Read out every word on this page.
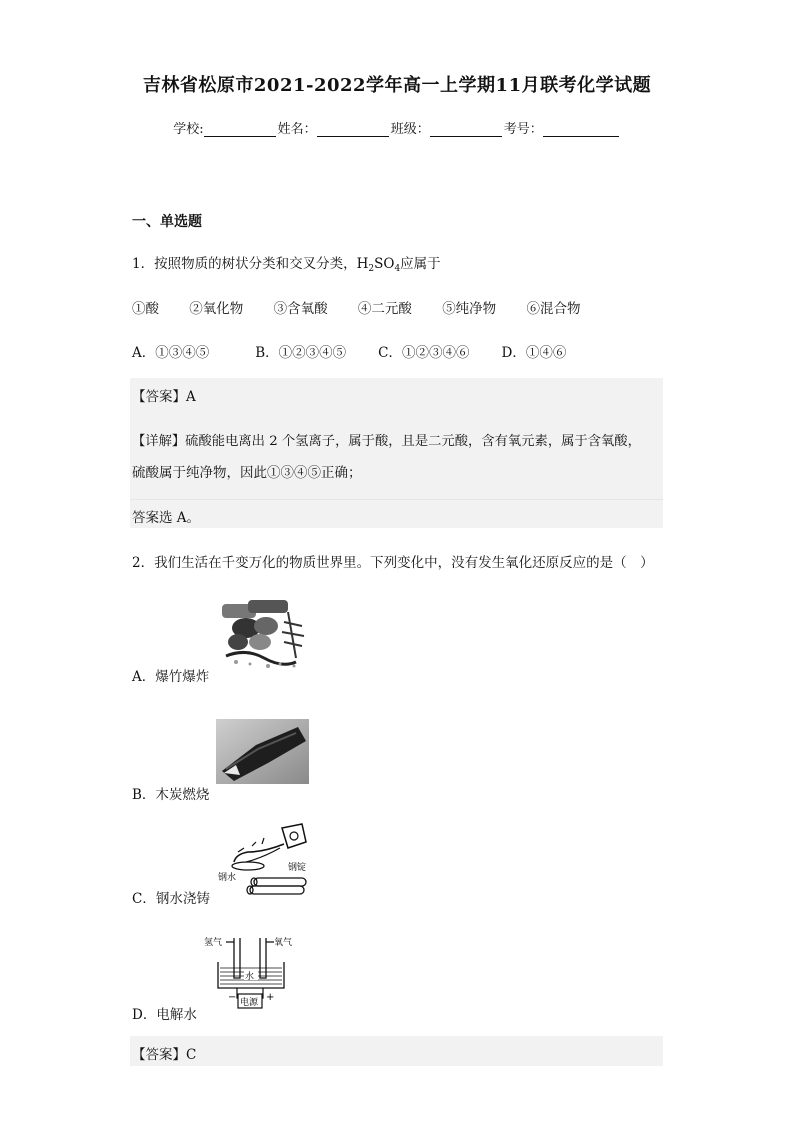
吉林省松原市2021-2022学年高一上学期11月联考化学试题
学校:	姓名：	班级：	考号：
一、单选题
1．按照物质的树状分类和交叉分类，$H_2SO_4$应属于
①酸 ②氧化物 ③含氧酸 ④二元酸 ⑤纯净物 ⑥混合物
A．①③④⑤	B．①②③④⑤ C．①②③④⑥ D．①④⑥
【答案】A
【详解】硫酸能电离出 2 个氢离子，属于酸，且是二元酸，含有氧元素，属于含氧酸，
硫酸属于纯净物，因此①③④⑤正确；
答案选 A。
2．我们生活在千变万化的物质世界里。下列变化中，没有发生氧化还原反应的是（　）
A．爆竹爆炸
B．木炭燃烧
钢水
钢锭
C．钢水浇铸
氢气	氧气
水
电源
−	+
D．电解水
【答案】C
